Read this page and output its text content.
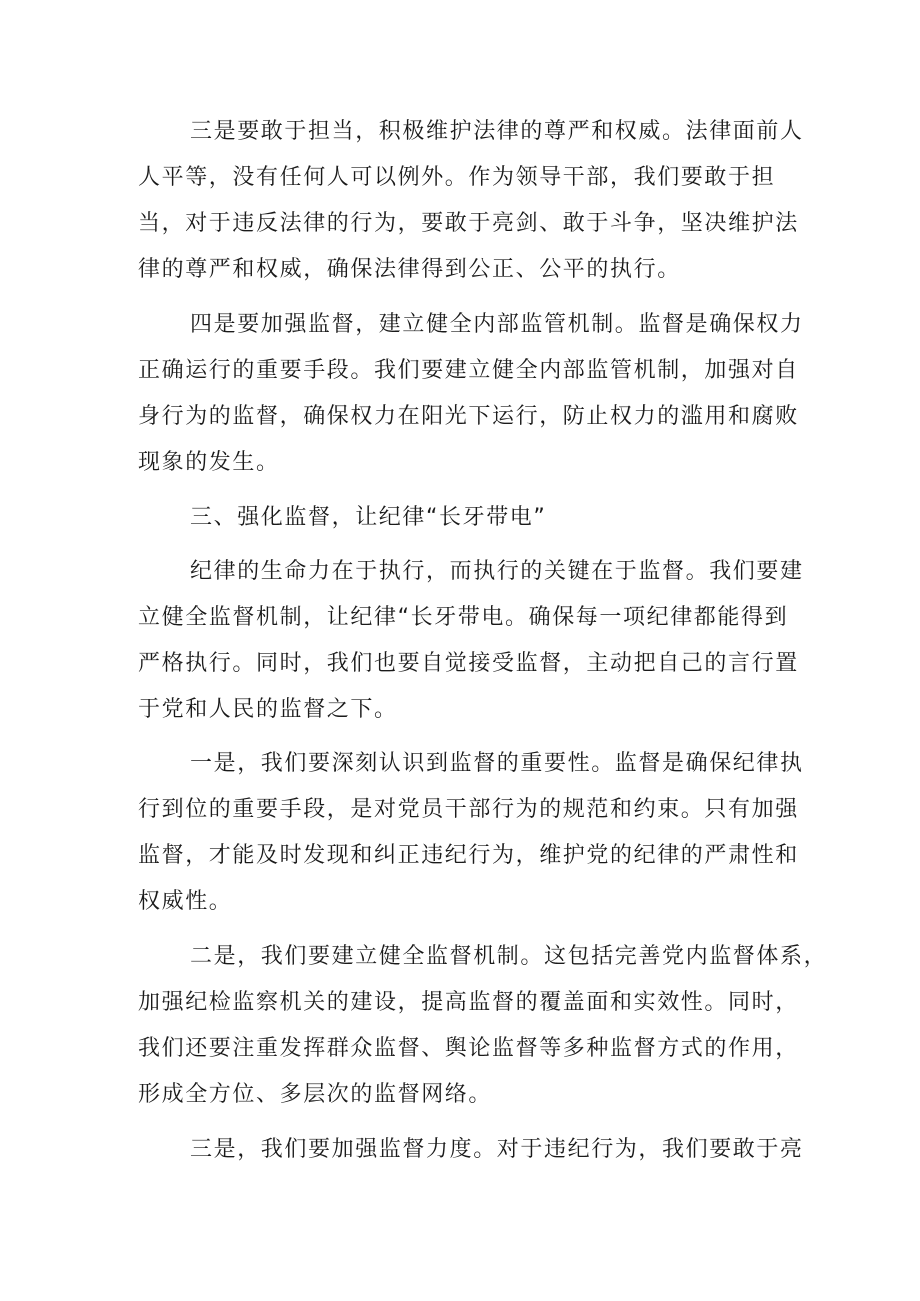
三是要敢于担当，积极维护法律的尊严和权威。法律面前人
人平等，没有任何人可以例外。作为领导干部，我们要敢于担
当，对于违反法律的行为，要敢于亮剑、敢于斗争，坚决维护法
律的尊严和权威，确保法律得到公正、公平的执行。
四是要加强监督，建立健全内部监管机制。监督是确保权力
正确运行的重要手段。我们要建立健全内部监管机制，加强对自
身行为的监督，确保权力在阳光下运行，防止权力的滥用和腐败
现象的发生。
三、强化监督，让纪律“长牙带电”
纪律的生命力在于执行，而执行的关键在于监督。我们要建
立健全监督机制，让纪律“长牙带电。确保每一项纪律都能得到
严格执行。同时，我们也要自觉接受监督，主动把自己的言行置
于党和人民的监督之下。
一是，我们要深刻认识到监督的重要性。监督是确保纪律执
行到位的重要手段，是对党员干部行为的规范和约束。只有加强
监督，才能及时发现和纠正违纪行为，维护党的纪律的严肃性和
权威性。
二是，我们要建立健全监督机制。这包括完善党内监督体系，
加强纪检监察机关的建设，提高监督的覆盖面和实效性。同时，
我们还要注重发挥群众监督、舆论监督等多种监督方式的作用，
形成全方位、多层次的监督网络。
三是，我们要加强监督力度。对于违纪行为，我们要敢于亮
